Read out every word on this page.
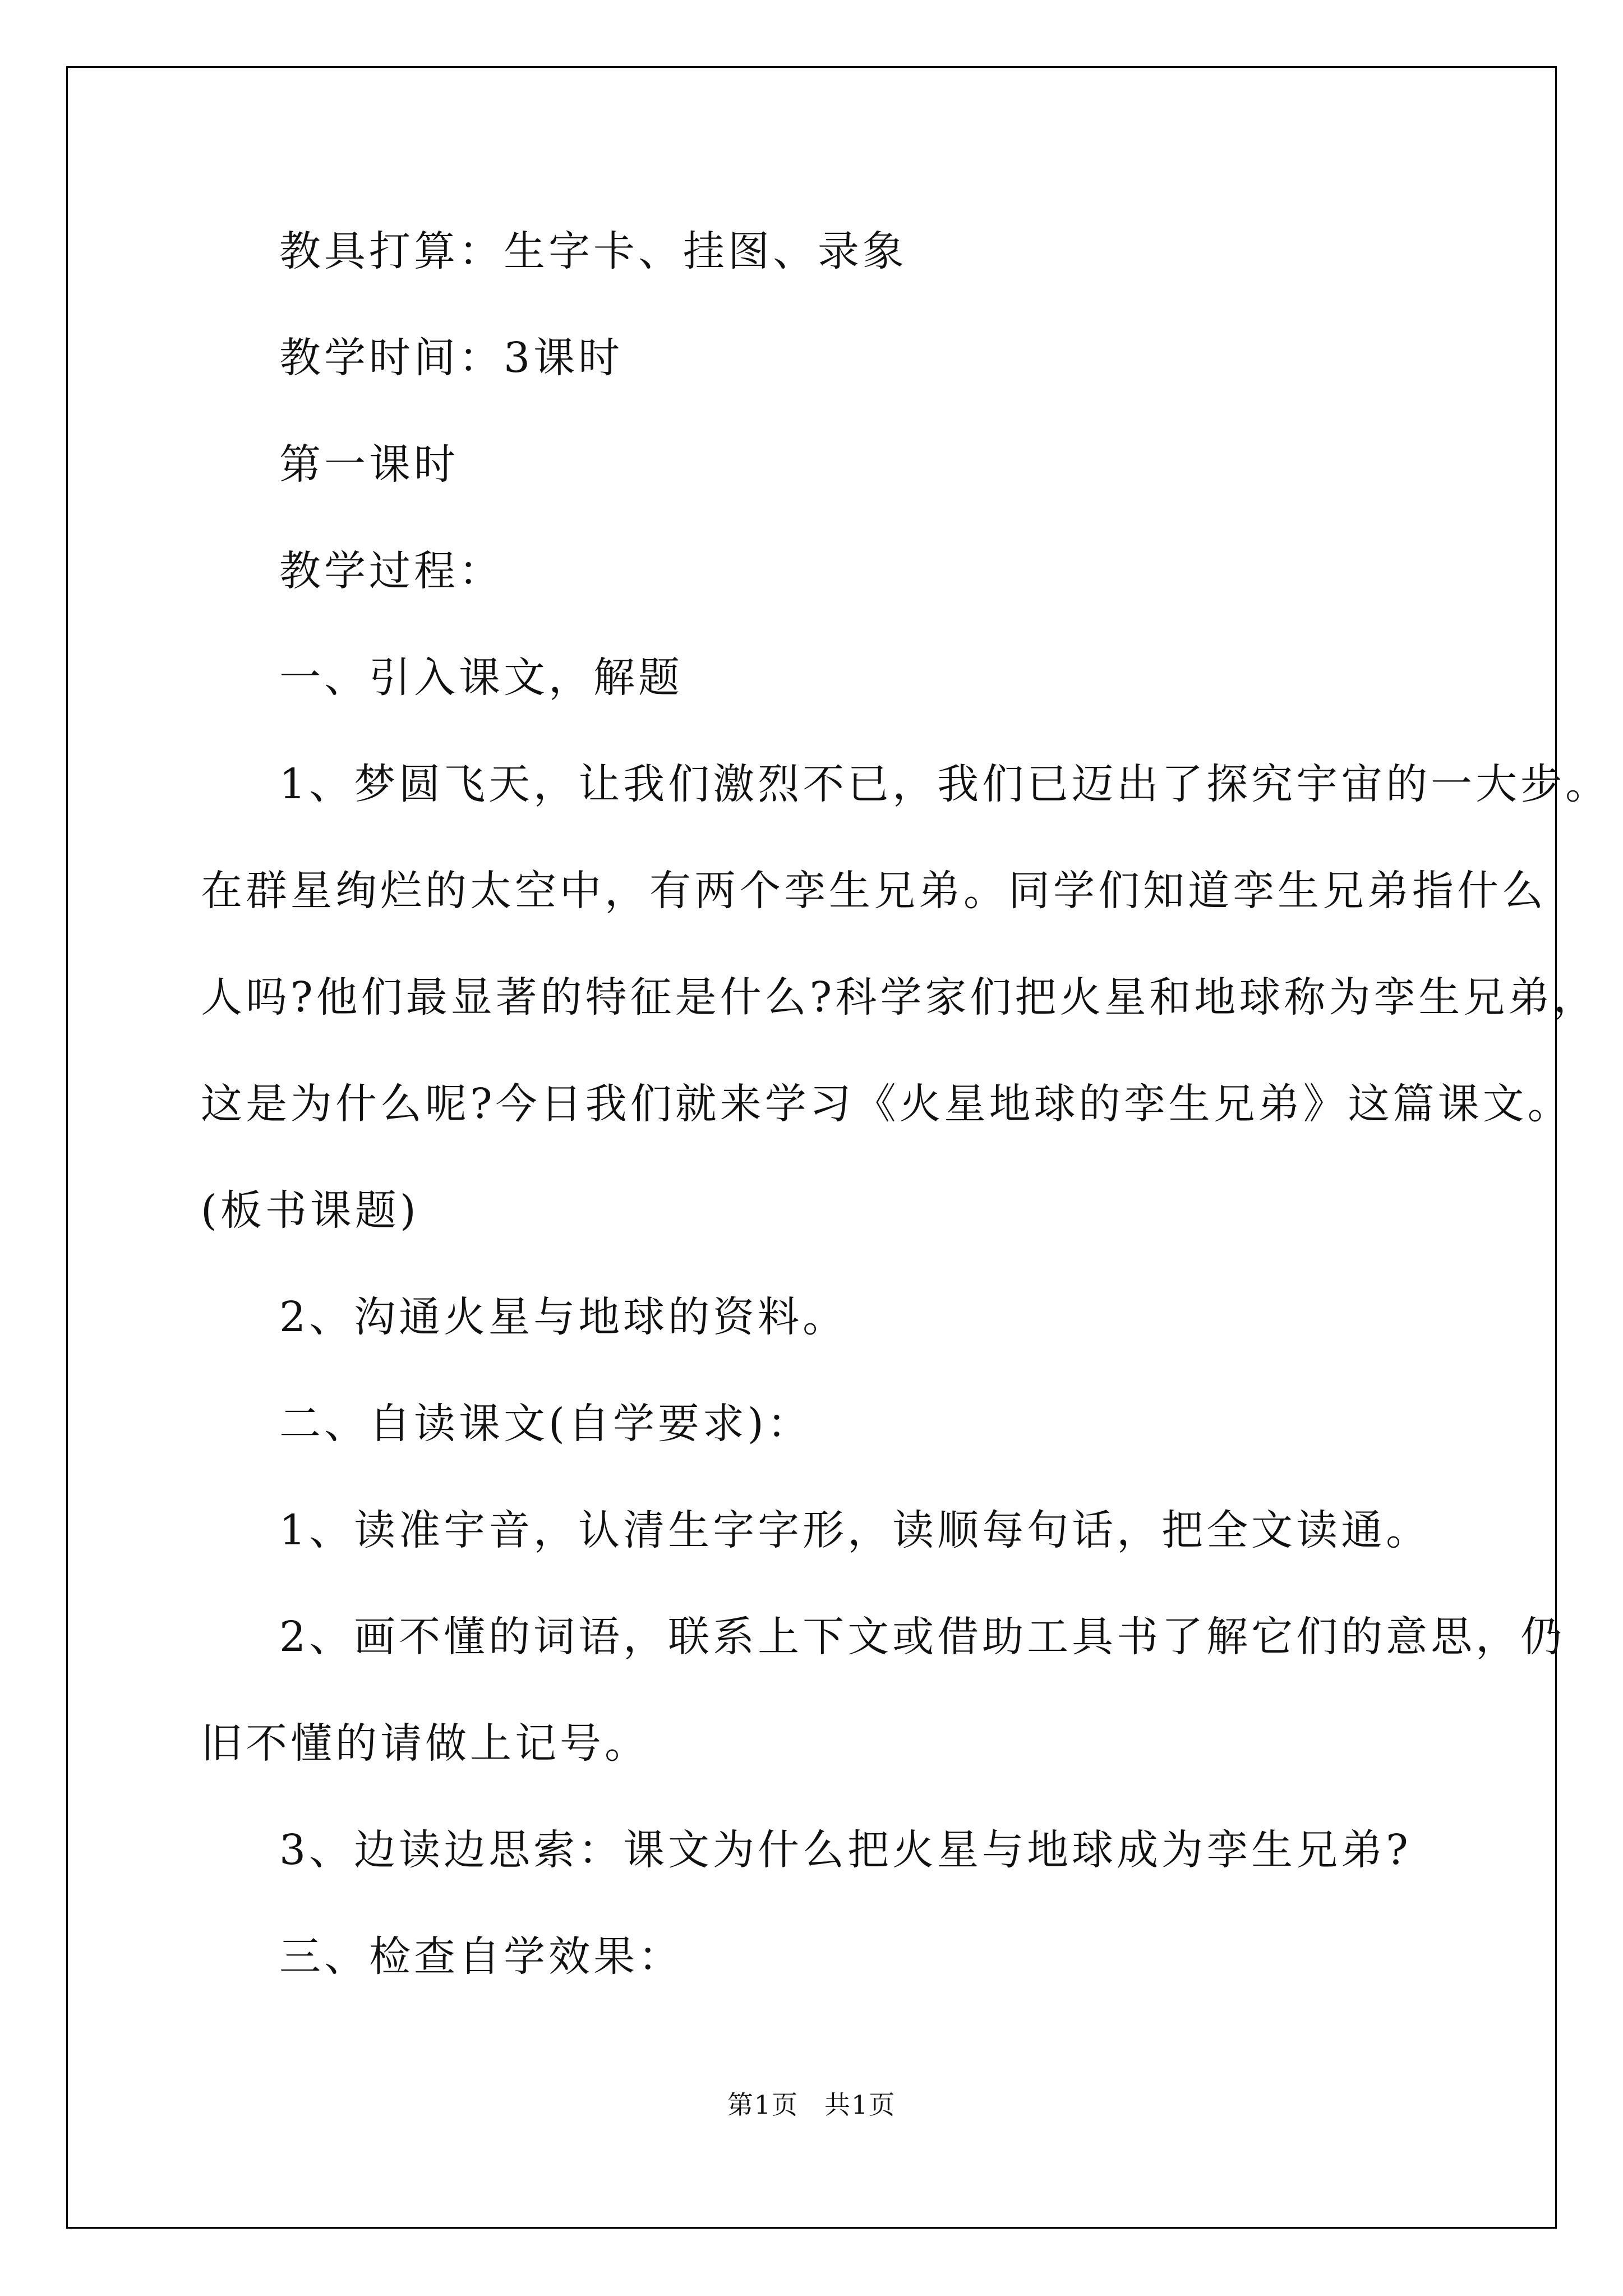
教具打算：生字卡、挂图、录象
教学时间：3课时
第一课时
教学过程：
一、引入课文，解题
1、梦圆飞天，让我们激烈不已，我们已迈出了探究宇宙的一大步。
在群星绚烂的太空中，有两个孪生兄弟。同学们知道孪生兄弟指什么
人吗?他们最显著的特征是什么?科学家们把火星和地球称为孪生兄弟，
这是为什么呢?今日我们就来学习《火星地球的孪生兄弟》这篇课文。
(板书课题)
2、沟通火星与地球的资料。
二、自读课文(自学要求)：
1、读准宇音，认清生字字形，读顺每句话，把全文读通。
2、画不懂的词语，联系上下文或借助工具书了解它们的意思，仍
旧不懂的请做上记号。
3、边读边思索：课文为什么把火星与地球成为孪生兄弟?
三、检查自学效果：
第1页 共1页
